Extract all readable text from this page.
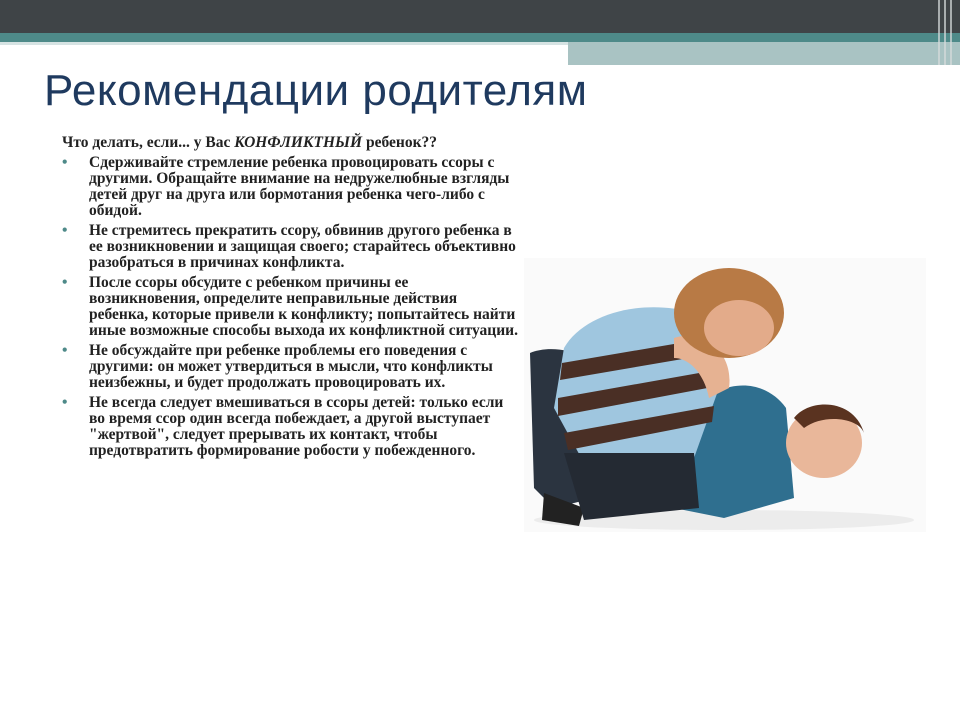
Рекомендации родителям

Что делать, если... у Вас КОНФЛИКТНЫЙ ребенок??

• Сдерживайте стремление ребенка провоцировать ссоры с другими. Обращайте внимание на недружелюбные взгляды детей друг на друга или бормотания ребенка чего-либо с обидой.
• Не стремитесь прекратить ссору, обвинив другого ребенка в ее возникновении и защищая своего; старайтесь объективно разобраться в причинах конфликта.
• После ссоры обсудите с ребенком причины ее возникновения, определите неправильные действия ребенка, которые привели к конфликту; попытайтесь найти иные возможные способы выхода их конфликтной ситуации.
• Не обсуждайте при ребенке проблемы его поведения с другими: он может утвердиться в мысли, что конфликты неизбежны, и будет продолжать провоцировать их.
• Не всегда следует вмешиваться в ссоры детей: только если во время ссор один всегда побеждает, а другой выступает "жертвой", следует прерывать их контакт, чтобы предотвратить формирование робости у побежденного.
